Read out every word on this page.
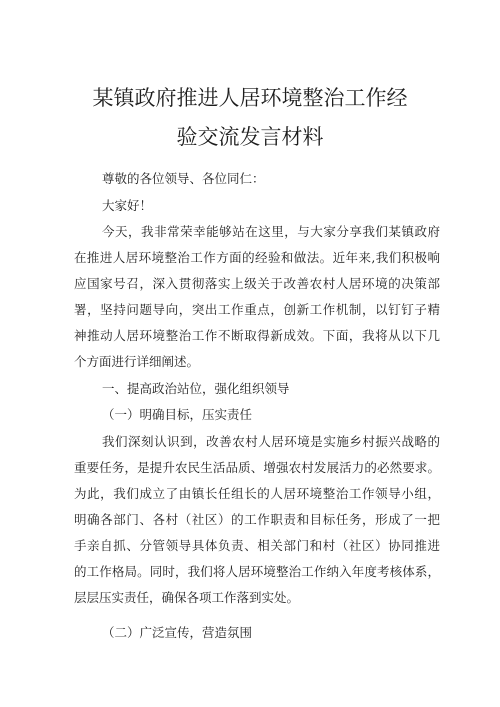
某镇政府推进人居环境整治工作经
验交流发言材料
尊敬的各位领导、各位同仁：
大家好！
今天，我非常荣幸能够站在这里，与大家分享我们某镇政府
在推进人居环境整治工作方面的经验和做法。近年来,我们积极响
应国家号召，深入贯彻落实上级关于改善农村人居环境的决策部
署，坚持问题导向，突出工作重点，创新工作机制，以钉钉子精
神推动人居环境整治工作不断取得新成效。下面，我将从以下几
个方面进行详细阐述。
一、提高政治站位，强化组织领导
（一）明确目标，压实责任
我们深刻认识到，改善农村人居环境是实施乡村振兴战略的
重要任务，是提升农民生活品质、增强农村发展活力的必然要求。
为此，我们成立了由镇长任组长的人居环境整治工作领导小组，
明确各部门、各村（社区）的工作职责和目标任务，形成了一把
手亲自抓、分管领导具体负责、相关部门和村（社区）协同推进
的工作格局。同时，我们将人居环境整治工作纳入年度考核体系，
层层压实责任，确保各项工作落到实处。
（二）广泛宣传，营造氛围
